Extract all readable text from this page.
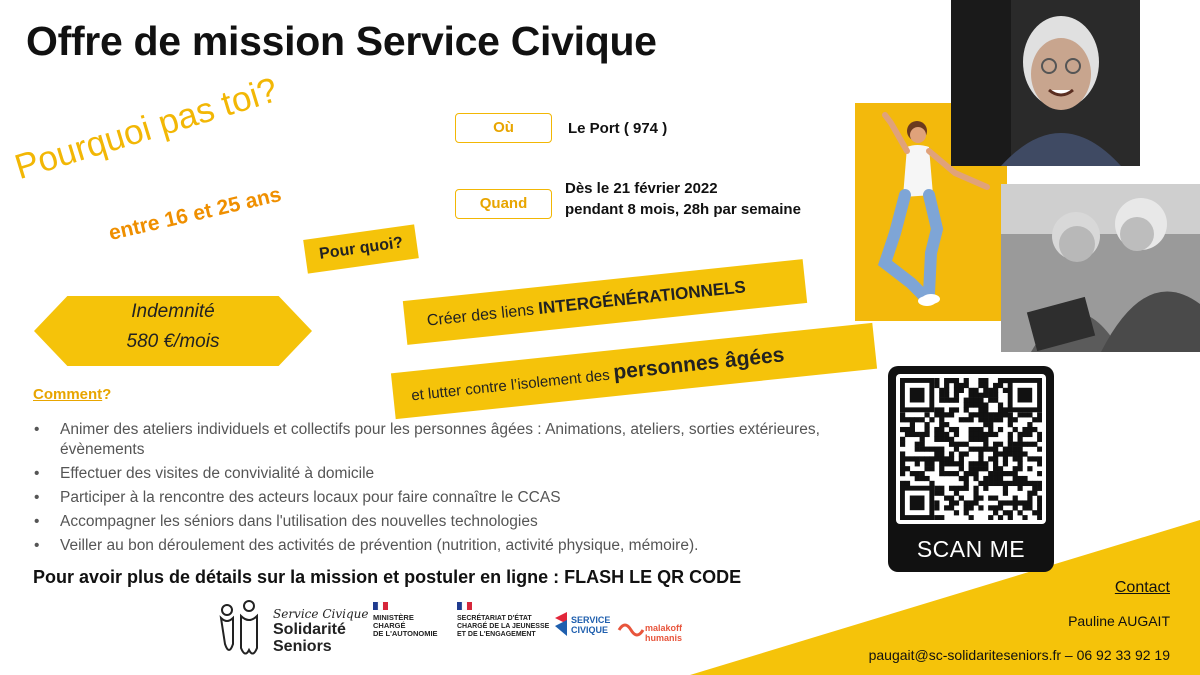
Offre de mission Service Civique
Pourquoi pas toi?
entre 16 et 25 ans
Où	Le Port ( 974 )
Quand
Dès le 21 février 2022
pendant 8 mois, 28h par semaine
Pour quoi?
Créer des liens INTERGÉNÉRATIONNELS
et lutter contre l’isolement des personnes âgées
Indemnité
580 €/mois
Comment?
• Animer des ateliers individuels et collectifs pour les personnes âgées : Animations, ateliers, sorties extérieures, évènements
• Effectuer des visites de convivialité à domicile
• Participer à la rencontre des acteurs locaux pour faire connaître le CCAS
• Accompagner les séniors dans l'utilisation des nouvelles technologies
• Veiller au bon déroulement des activités de prévention (nutrition, activité physique, mémoire).
Pour avoir plus de détails sur la mission et postuler en ligne : FLASH LE QR CODE
Contact
Pauline AUGAIT
paugait@sc-solidariteseniors.fr – 06 92 33 92 19
SCAN ME
Service Civique
Solidarité
Seniors
MINISTÈRE
CHARGÉ
DE L'AUTONOMIE
SECRÉTARIAT D'ÉTAT
CHARGÉ DE LA JEUNESSE
ET DE L'ENGAGEMENT
SERVICE
CIVIQUE	malakoff
humanis
